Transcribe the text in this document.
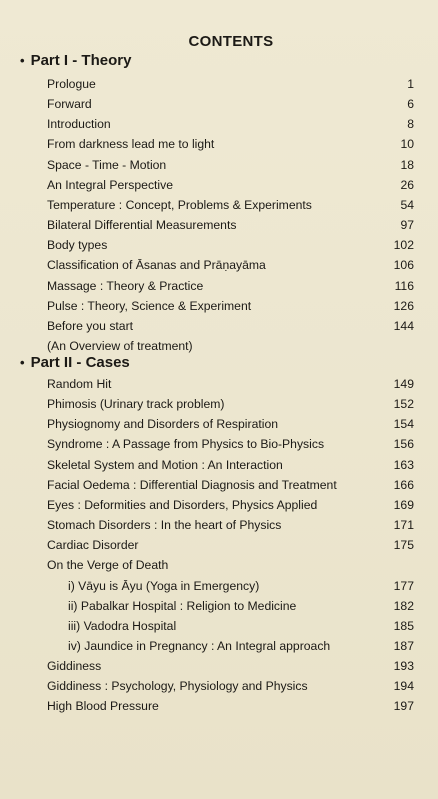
CONTENTS
• Part I - Theory
Prologue	1
Forward	6
Introduction	8
From darkness lead me to light	10
Space - Time - Motion	18
An Integral Perspective	26
Temperature : Concept, Problems & Experiments	54
Bilateral Differential Measurements	97
Body types	102
Classification of Āsanas and Prāṇayāma	106
Massage : Theory & Practice	116
Pulse : Theory, Science & Experiment	126
Before you start	144
(An Overview of treatment)
• Part II - Cases
Random Hit	149
Phimosis (Urinary track problem)	152
Physiognomy and Disorders of Respiration	154
Syndrome : A Passage from Physics to Bio-Physics	156
Skeletal System and Motion : An Interaction	163
Facial Oedema : Differential Diagnosis and Treatment	166
Eyes : Deformities and Disorders, Physics Applied	169
Stomach Disorders : In the heart of Physics	171
Cardiac Disorder	175
On the Verge of Death
i) Vāyu is Āyu (Yoga in Emergency)	177
ii) Pabalkar Hospital : Religion to Medicine	182
iii) Vadodra Hospital	185
iv) Jaundice in Pregnancy : An Integral approach	187
Giddiness	193
Giddiness : Psychology, Physiology and Physics	194
High Blood Pressure	197
